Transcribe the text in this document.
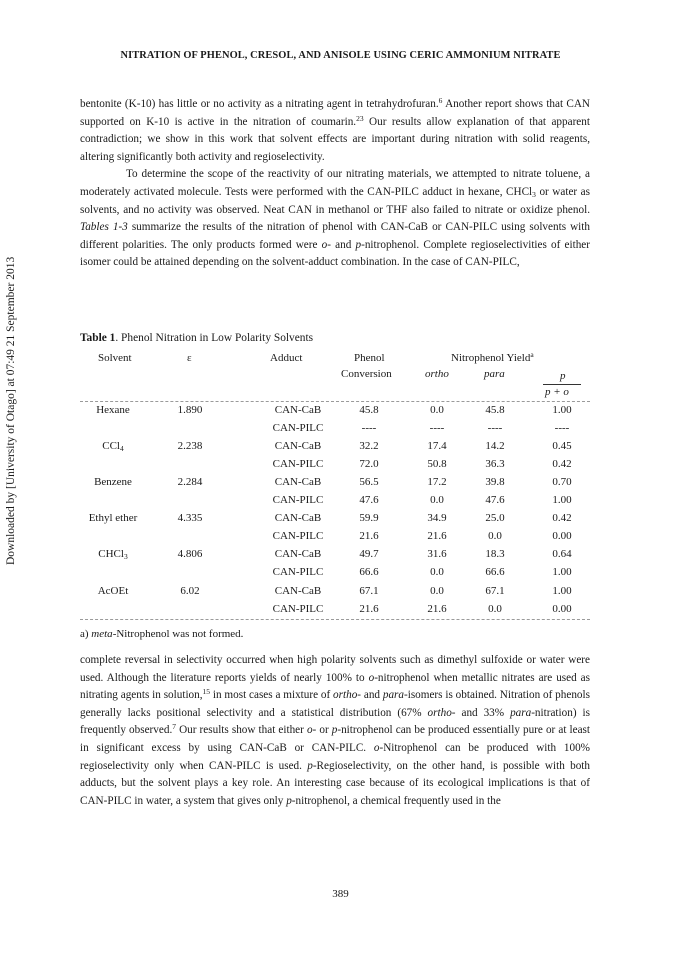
NITRATION OF PHENOL, CRESOL, AND ANISOLE USING CERIC AMMONIUM NITRATE
Downloaded by [University of Otago] at 07:49 21 September 2013

bentonite (K-10) has little or no activity as a nitrating agent in tetrahydrofuran.$^6$ Another report shows that CAN supported on K-10 is active in the nitration of coumarin.$^{23}$ Our results allow explanation of that apparent contradiction; we show in this work that solvent effects are important during nitration with solid reagents, altering significantly both activity and regioselectivity.

To determine the scope of the reactivity of our nitrating materials, we attempted to nitrate toluene, a moderately activated molecule. Tests were performed with the CAN-PILC adduct in hexane, CHCl$_3$ or water as solvents, and no activity was observed. Neat CAN in methanol or THF also failed to nitrate or oxidize phenol. Tables 1-3 summarize the results of the nitration of phenol with CAN-CaB or CAN-PILC using solvents with different polarities. The only products formed were o- and p-nitrophenol. Complete regioselectivities of either isomer could be attained depending on the solvent-adduct combination. In the case of CAN-PILC,

Table 1. Phenol Nitration in Low Polarity Solvents
Solvent	ε	Adduct	Phenol
Conversion
Nitrophenol Yield$^a$
ortho	para	p
p + o
Hexane	1.890	CAN-CaB	45.8	0.0	45.8	1.00
CAN-PILC	----	----	----	----
CCl$_4$	2.238	CAN-CaB	32.2	17.4	14.2	0.45
CAN-PILC	72.0	50.8	36.3	0.42
Benzene	2.284	CAN-CaB	56.5	17.2	39.8	0.70
CAN-PILC	47.6	0.0	47.6	1.00
Ethyl ether	4.335	CAN-CaB	59.9	34.9	25.0	0.42
CAN-PILC	21.6	21.6	0.0	0.00
CHCl$_3$	4.806	CAN-CaB	49.7	31.6	18.3	0.64
CAN-PILC	66.6	0.0	66.6	1.00
AcOEt	6.02	CAN-CaB	67.1	0.0	67.1	1.00
CAN-PILC	21.6	21.6	0.0	0.00
a) meta-Nitrophenol was not formed.

complete reversal in selectivity occurred when high polarity solvents such as dimethyl sulfoxide or water were used. Although the literature reports yields of nearly 100% to o-nitrophenol when metallic nitrates are used as nitrating agents in solution,$^{15}$ in most cases a mixture of ortho- and para-isomers is obtained. Nitration of phenols generally lacks positional selectivity and a statistical distribution (67% ortho- and 33% para-nitration) is frequently observed.$^7$ Our results show that either o- or p-nitrophenol can be produced essentially pure or at least in significant excess by using CAN-CaB or CAN-PILC. o-Nitrophenol can be produced with 100% regioselectivity only when CAN-PILC is used. p-Regioselectivity, on the other hand, is possible with both adducts, but the solvent plays a key role. An interesting case because of its ecological implications is that of CAN-PILC in water, a system that gives only p-nitrophenol, a chemical frequently used in the

389
